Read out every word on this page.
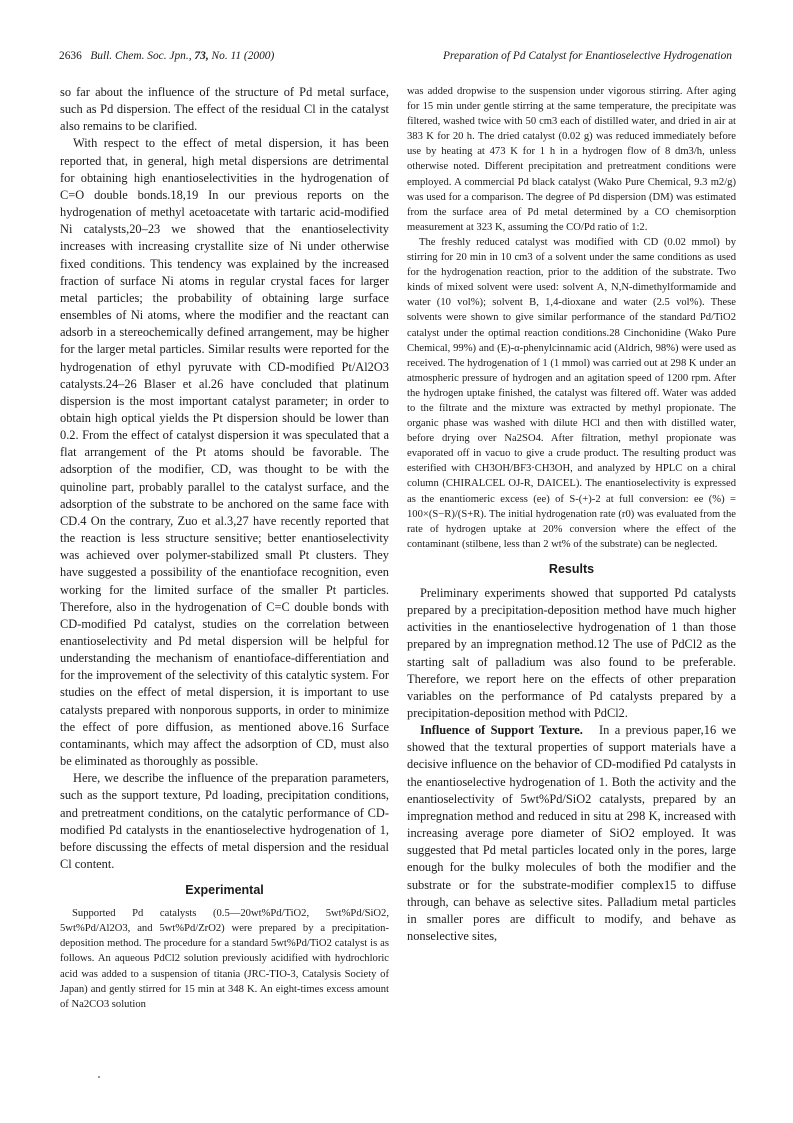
2636 Bull. Chem. Soc. Jpn., 73, No. 11 (2000)	Preparation of Pd Catalyst for Enantioselective Hydrogenation

so far about the influence of the structure of Pd metal surface, such as Pd dispersion. The effect of the residual Cl in the catalyst also remains to be clarified.

With respect to the effect of metal dispersion, it has been reported that, in general, high metal dispersions are detrimental for obtaining high enantioselectivities in the hydrogenation of C=O double bonds.18,19 In our previous reports on the hydrogenation of methyl acetoacetate with tartaric acid-modified Ni catalysts,20–23 we showed that the enantioselectivity increases with increasing crystallite size of Ni under otherwise fixed conditions. This tendency was explained by the increased fraction of surface Ni atoms in regular crystal faces for larger metal particles; the probability of obtaining large surface ensembles of Ni atoms, where the modifier and the reactant can adsorb in a stereochemically defined arrangement, may be higher for the larger metal particles. Similar results were reported for the hydrogenation of ethyl pyruvate with CD-modified Pt/Al2O3 catalysts.24–26 Blaser et al.26 have concluded that platinum dispersion is the most important catalyst parameter; in order to obtain high optical yields the Pt dispersion should be lower than 0.2. From the effect of catalyst dispersion it was speculated that a flat arrangement of the Pt atoms should be favorable. The adsorption of the modifier, CD, was thought to be with the quinoline part, probably parallel to the catalyst surface, and the adsorption of the substrate to be anchored on the same face with CD.4 On the contrary, Zuo et al.3,27 have recently reported that the reaction is less structure sensitive; better enantioselectivity was achieved over polymer-stabilized small Pt clusters. They have suggested a possibility of the enantioface recognition, even working for the limited surface of the smaller Pt particles. Therefore, also in the hydrogenation of C=C double bonds with CD-modified Pd catalyst, studies on the correlation between enantioselectivity and Pd metal dispersion will be helpful for understanding the mechanism of enantioface-differentiation and for the improvement of the selectivity of this catalytic system. For studies on the effect of metal dispersion, it is important to use catalysts prepared with nonporous supports, in order to minimize the effect of pore diffusion, as mentioned above.16 Surface contaminants, which may affect the adsorption of CD, must also be eliminated as thoroughly as possible.

Here, we describe the influence of the preparation parameters, such as the support texture, Pd loading, precipitation conditions, and pretreatment conditions, on the catalytic performance of CD-modified Pd catalysts in the enantioselective hydrogenation of 1, before discussing the effects of metal dispersion and the residual Cl content.

Experimental

Supported Pd catalysts (0.5—20wt%Pd/TiO2, 5wt%Pd/SiO2, 5wt%Pd/Al2O3, and 5wt%Pd/ZrO2) were prepared by a precipitation-deposition method. The procedure for a standard 5wt%Pd/TiO2 catalyst is as follows. An aqueous PdCl2 solution previously acidified with hydrochloric acid was added to a suspension of titania (JRC-TIO-3, Catalysis Society of Japan) and gently stirred for 15 min at 348 K. An eight-times excess amount of Na2CO3 solution

was added dropwise to the suspension under vigorous stirring. After aging for 15 min under gentle stirring at the same temperature, the precipitate was filtered, washed twice with 50 cm3 each of distilled water, and dried in air at 383 K for 20 h. The dried catalyst (0.02 g) was reduced immediately before use by heating at 473 K for 1 h in a hydrogen flow of 8 dm3/h, unless otherwise noted. Different precipitation and pretreatment conditions were employed. A commercial Pd black catalyst (Wako Pure Chemical, 9.3 m2/g) was used for a comparison. The degree of Pd dispersion (DM) was estimated from the surface area of Pd metal determined by a CO chemisorption measurement at 323 K, assuming the CO/Pd ratio of 1:2.

The freshly reduced catalyst was modified with CD (0.02 mmol) by stirring for 20 min in 10 cm3 of a solvent under the same conditions as used for the hydrogenation reaction, prior to the addition of the substrate. Two kinds of mixed solvent were used: solvent A, N,N-dimethylformamide and water (10 vol%); solvent B, 1,4-dioxane and water (2.5 vol%). These solvents were shown to give similar performance of the standard Pd/TiO2 catalyst under the optimal reaction conditions.28 Cinchonidine (Wako Pure Chemical, 99%) and (E)-α-phenylcinnamic acid (Aldrich, 98%) were used as received. The hydrogenation of 1 (1 mmol) was carried out at 298 K under an atmospheric pressure of hydrogen and an agitation speed of 1200 rpm. After the hydrogen uptake finished, the catalyst was filtered off. Water was added to the filtrate and the mixture was extracted by methyl propionate. The organic phase was washed with dilute HCl and then with distilled water, before drying over Na2SO4. After filtration, methyl propionate was evaporated off in vacuo to give a crude product. The resulting product was esterified with CH3OH/BF3·CH3OH, and analyzed by HPLC on a chiral column (CHIRALCEL OJ-R, DAICEL). The enantioselectivity is expressed as the enantiomeric excess (ee) of S-(+)-2 at full conversion: ee (%) = 100×(S−R)/(S+R). The initial hydrogenation rate (r0) was evaluated from the rate of hydrogen uptake at 20% conversion where the effect of the contaminant (stilbene, less than 2 wt% of the substrate) can be neglected.

Results

Preliminary experiments showed that supported Pd catalysts prepared by a precipitation-deposition method have much higher activities in the enantioselective hydrogenation of 1 than those prepared by an impregnation method.12 The use of PdCl2 as the starting salt of palladium was also found to be preferable. Therefore, we report here on the effects of other preparation variables on the performance of Pd catalysts prepared by a precipitation-deposition method with PdCl2.

Influence of Support Texture. In a previous paper,16 we showed that the textural properties of support materials have a decisive influence on the behavior of CD-modified Pd catalysts in the enantioselective hydrogenation of 1. Both the activity and the enantioselectivity of 5wt%Pd/SiO2 catalysts, prepared by an impregnation method and reduced in situ at 298 K, increased with increasing average pore diameter of SiO2 employed. It was suggested that Pd metal particles located only in the pores, large enough for the bulky molecules of both the modifier and the substrate or for the substrate-modifier complex15 to diffuse through, can behave as selective sites. Palladium metal particles in smaller pores are difficult to modify, and behave as nonselective sites,
